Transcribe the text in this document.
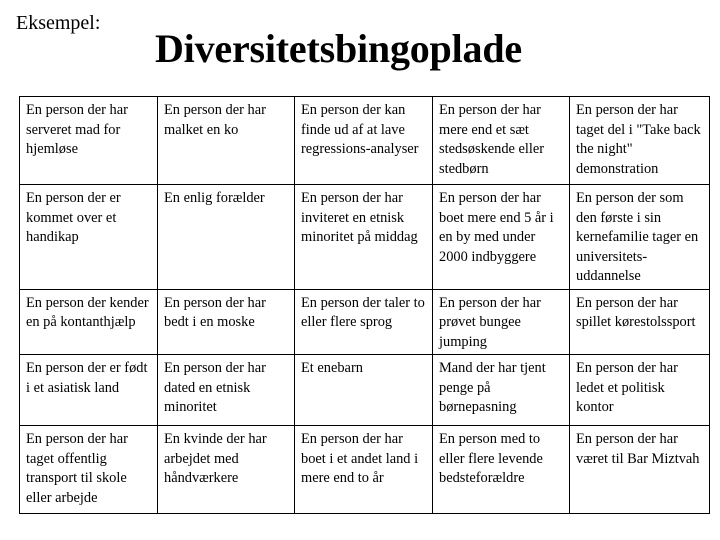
Eksempel:
Diversitetsbingoplade
En person der har serveret mad for hjemløse	En person der har malket en ko	En person der kan finde ud af at lave regressions-analyser	En person der har mere end et sæt stedsøskende eller stedbørn	En person der har taget del i "Take back the night" demonstration
En person der er kommet over et handikap	En enlig forælder	En person der har inviteret en etnisk minoritet på middag	En person der har boet mere end 5 år i en by med under 2000 indbyggere	En person der som den første i sin kernefamilie tager en universitets-uddannelse
En person der kender en på kontanthjælp	En person der har bedt i en moske	En person der taler to eller flere sprog	En person der har prøvet bungee jumping	En person der har spillet kørestolssport
En person der er født i et asiatisk land	En person der har dated en etnisk minoritet	Et enebarn	Mand der har tjent penge på børnepasning	En person der har ledet et politisk kontor
En person der har taget offentlig transport til skole eller arbejde	En kvinde der har arbejdet med håndværkere	En person der har boet i et andet land i mere end to år	En person med to eller flere levende bedsteforældre	En person der har været til Bar Miztvah
